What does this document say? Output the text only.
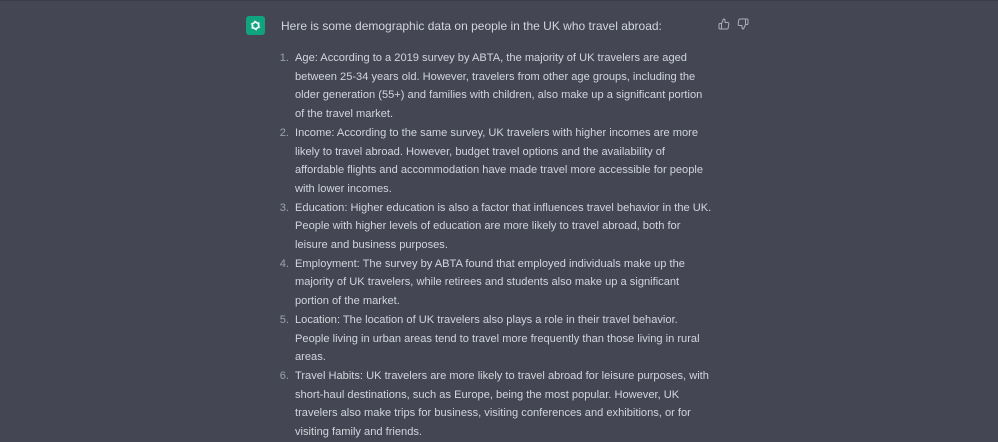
Here is some demographic data on people in the UK who travel abroad:
1. Age: According to a 2019 survey by ABTA, the majority of UK travelers are aged between 25-34 years old. However, travelers from other age groups, including the older generation (55+) and families with children, also make up a significant portion of the travel market.
2. Income: According to the same survey, UK travelers with higher incomes are more likely to travel abroad. However, budget travel options and the availability of affordable flights and accommodation have made travel more accessible for people with lower incomes.
3. Education: Higher education is also a factor that influences travel behavior in the UK. People with higher levels of education are more likely to travel abroad, both for leisure and business purposes.
4. Employment: The survey by ABTA found that employed individuals make up the majority of UK travelers, while retirees and students also make up a significant portion of the market.
5. Location: The location of UK travelers also plays a role in their travel behavior. People living in urban areas tend to travel more frequently than those living in rural areas.
6. Travel Habits: UK travelers are more likely to travel abroad for leisure purposes, with short-haul destinations, such as Europe, being the most popular. However, UK travelers also make trips for business, visiting conferences and exhibitions, or for visiting family and friends.
